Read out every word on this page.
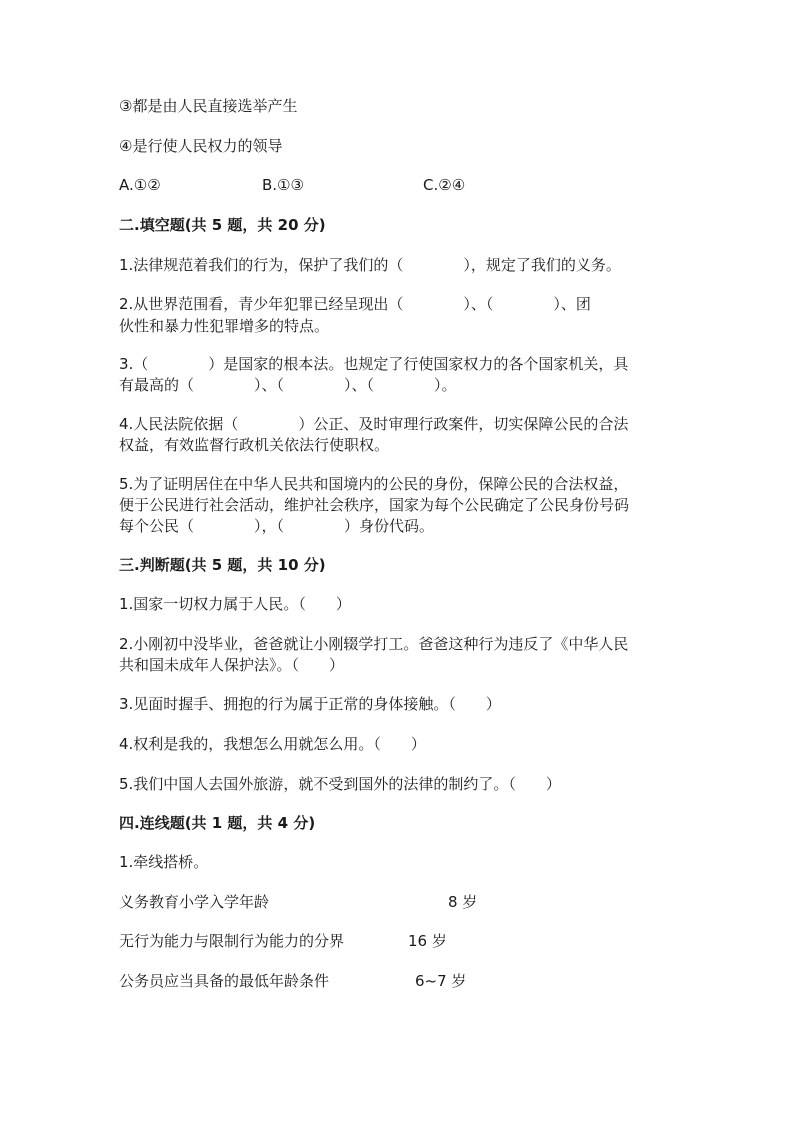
③都是由人民直接选举产生
④是行使人民权力的领导
A.①②	B.①③	C.②④
二.填空题(共 5 题，共 20 分)
1.法律规范着我们的行为，保护了我们的（　　　　），规定了我们的义务。
2.从世界范围看，青少年犯罪已经呈现出（　　　　）、（　　　　）、团
伙性和暴力性犯罪增多的特点。
3.（　　　　）是国家的根本法。也规定了行使国家权力的各个国家机关，具
有最高的（　　　　）、（　　　　）、（　　　　）。
4.人民法院依据（　　　　）公正、及时审理行政案件，切实保障公民的合法
权益，有效监督行政机关依法行使职权。
5.为了证明居住在中华人民共和国境内的公民的身份，保障公民的合法权益，
便于公民进行社会活动，维护社会秩序，国家为每个公民确定了公民身份号码
每个公民（　　　　），（　　　　）身份代码。
三.判断题(共 5 题，共 10 分)
1.国家一切权力属于人民。（　　）
2.小刚初中没毕业，爸爸就让小刚辍学打工。爸爸这种行为违反了《中华人民
共和国未成年人保护法》。（　　）
3.见面时握手、拥抱的行为属于正常的身体接触。（　　）
4.权利是我的，我想怎么用就怎么用。（　　）
5.我们中国人去国外旅游，就不受到国外的法律的制约了。（　　）
四.连线题(共 1 题，共 4 分)
1.牵线搭桥。
义务教育小学入学年龄	8 岁
无行为能力与限制行为能力的分界	16 岁
公务员应当具备的最低年龄条件	6~7 岁
